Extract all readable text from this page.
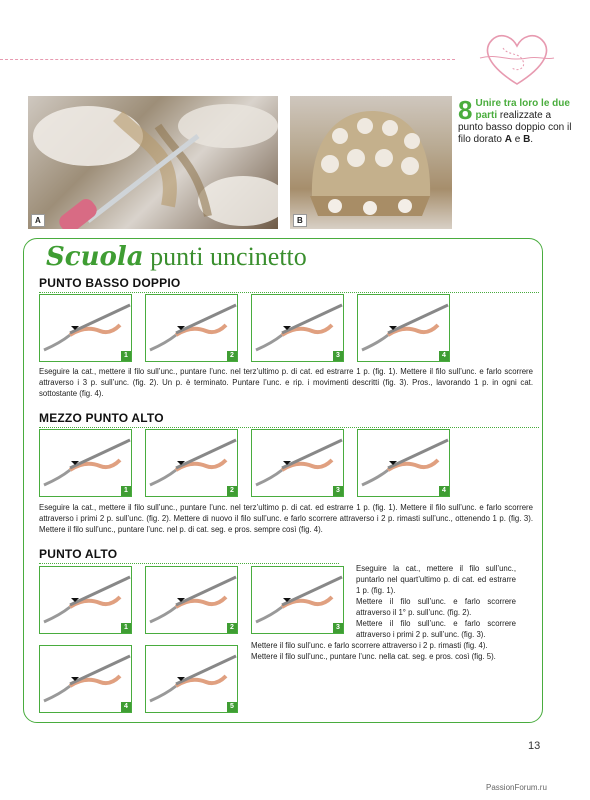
A	B
8 Unire tra loro le due parti realizzate a punto basso doppio con il filo dorato A e B.
Scuola punti uncinetto
PUNTO BASSO DOPPIO
1	2	3	4
Eseguire la cat., mettere il filo sull’unc., puntare l’unc. nel terz’ultimo p. di cat. ed estrarre 1 p. (fig. 1). Mettere il filo sull’unc. e farlo scorrere attraverso i 3 p. sull’unc. (fig. 2). Un p. è terminato. Puntare l’unc. e rip. i movimenti descritti (fig. 3). Pros., lavorando 1 p. in ogni cat. sottostante (fig. 4).
MEZZO PUNTO ALTO
1	2	3	4
Eseguire la cat., mettere il filo sull’unc., puntare l’unc. nel terz’ultimo p. di cat. ed estrarre 1 p. (fig. 1). Mettere il filo sull’unc. e farlo scorrere attraverso i primi 2 p. sull’unc. (fig. 2). Mettere di nuovo il filo sull’unc. e farlo scorrere attraverso i 2 p. rimasti sull’unc., ottenendo 1 p. (fig. 3). Mettere il filo sull’unc., puntare l’unc. nel p. di cat. seg. e pros. sempre così (fig. 4).
PUNTO ALTO
1	2	3
4	5
Eseguire la cat., mettere il filo sull’unc., puntarlo nel quart’ultimo p. di cat. ed estrarre 1 p. (fig. 1).
Mettere il filo sull’unc. e farlo scorrere attraverso il 1° p. sull’unc. (fig. 2).
Mettere il filo sull’unc. e farlo scorrere attraverso i primi 2 p. sull’unc. (fig. 3).
Mettere il filo sull’unc. e farlo scorrere attraverso i 2 p. rimasti (fig. 4).
Mettere il filo sull’unc., puntare l’unc. nella cat. seg. e pros. così (fig. 5).
13
PassionForum.ru
